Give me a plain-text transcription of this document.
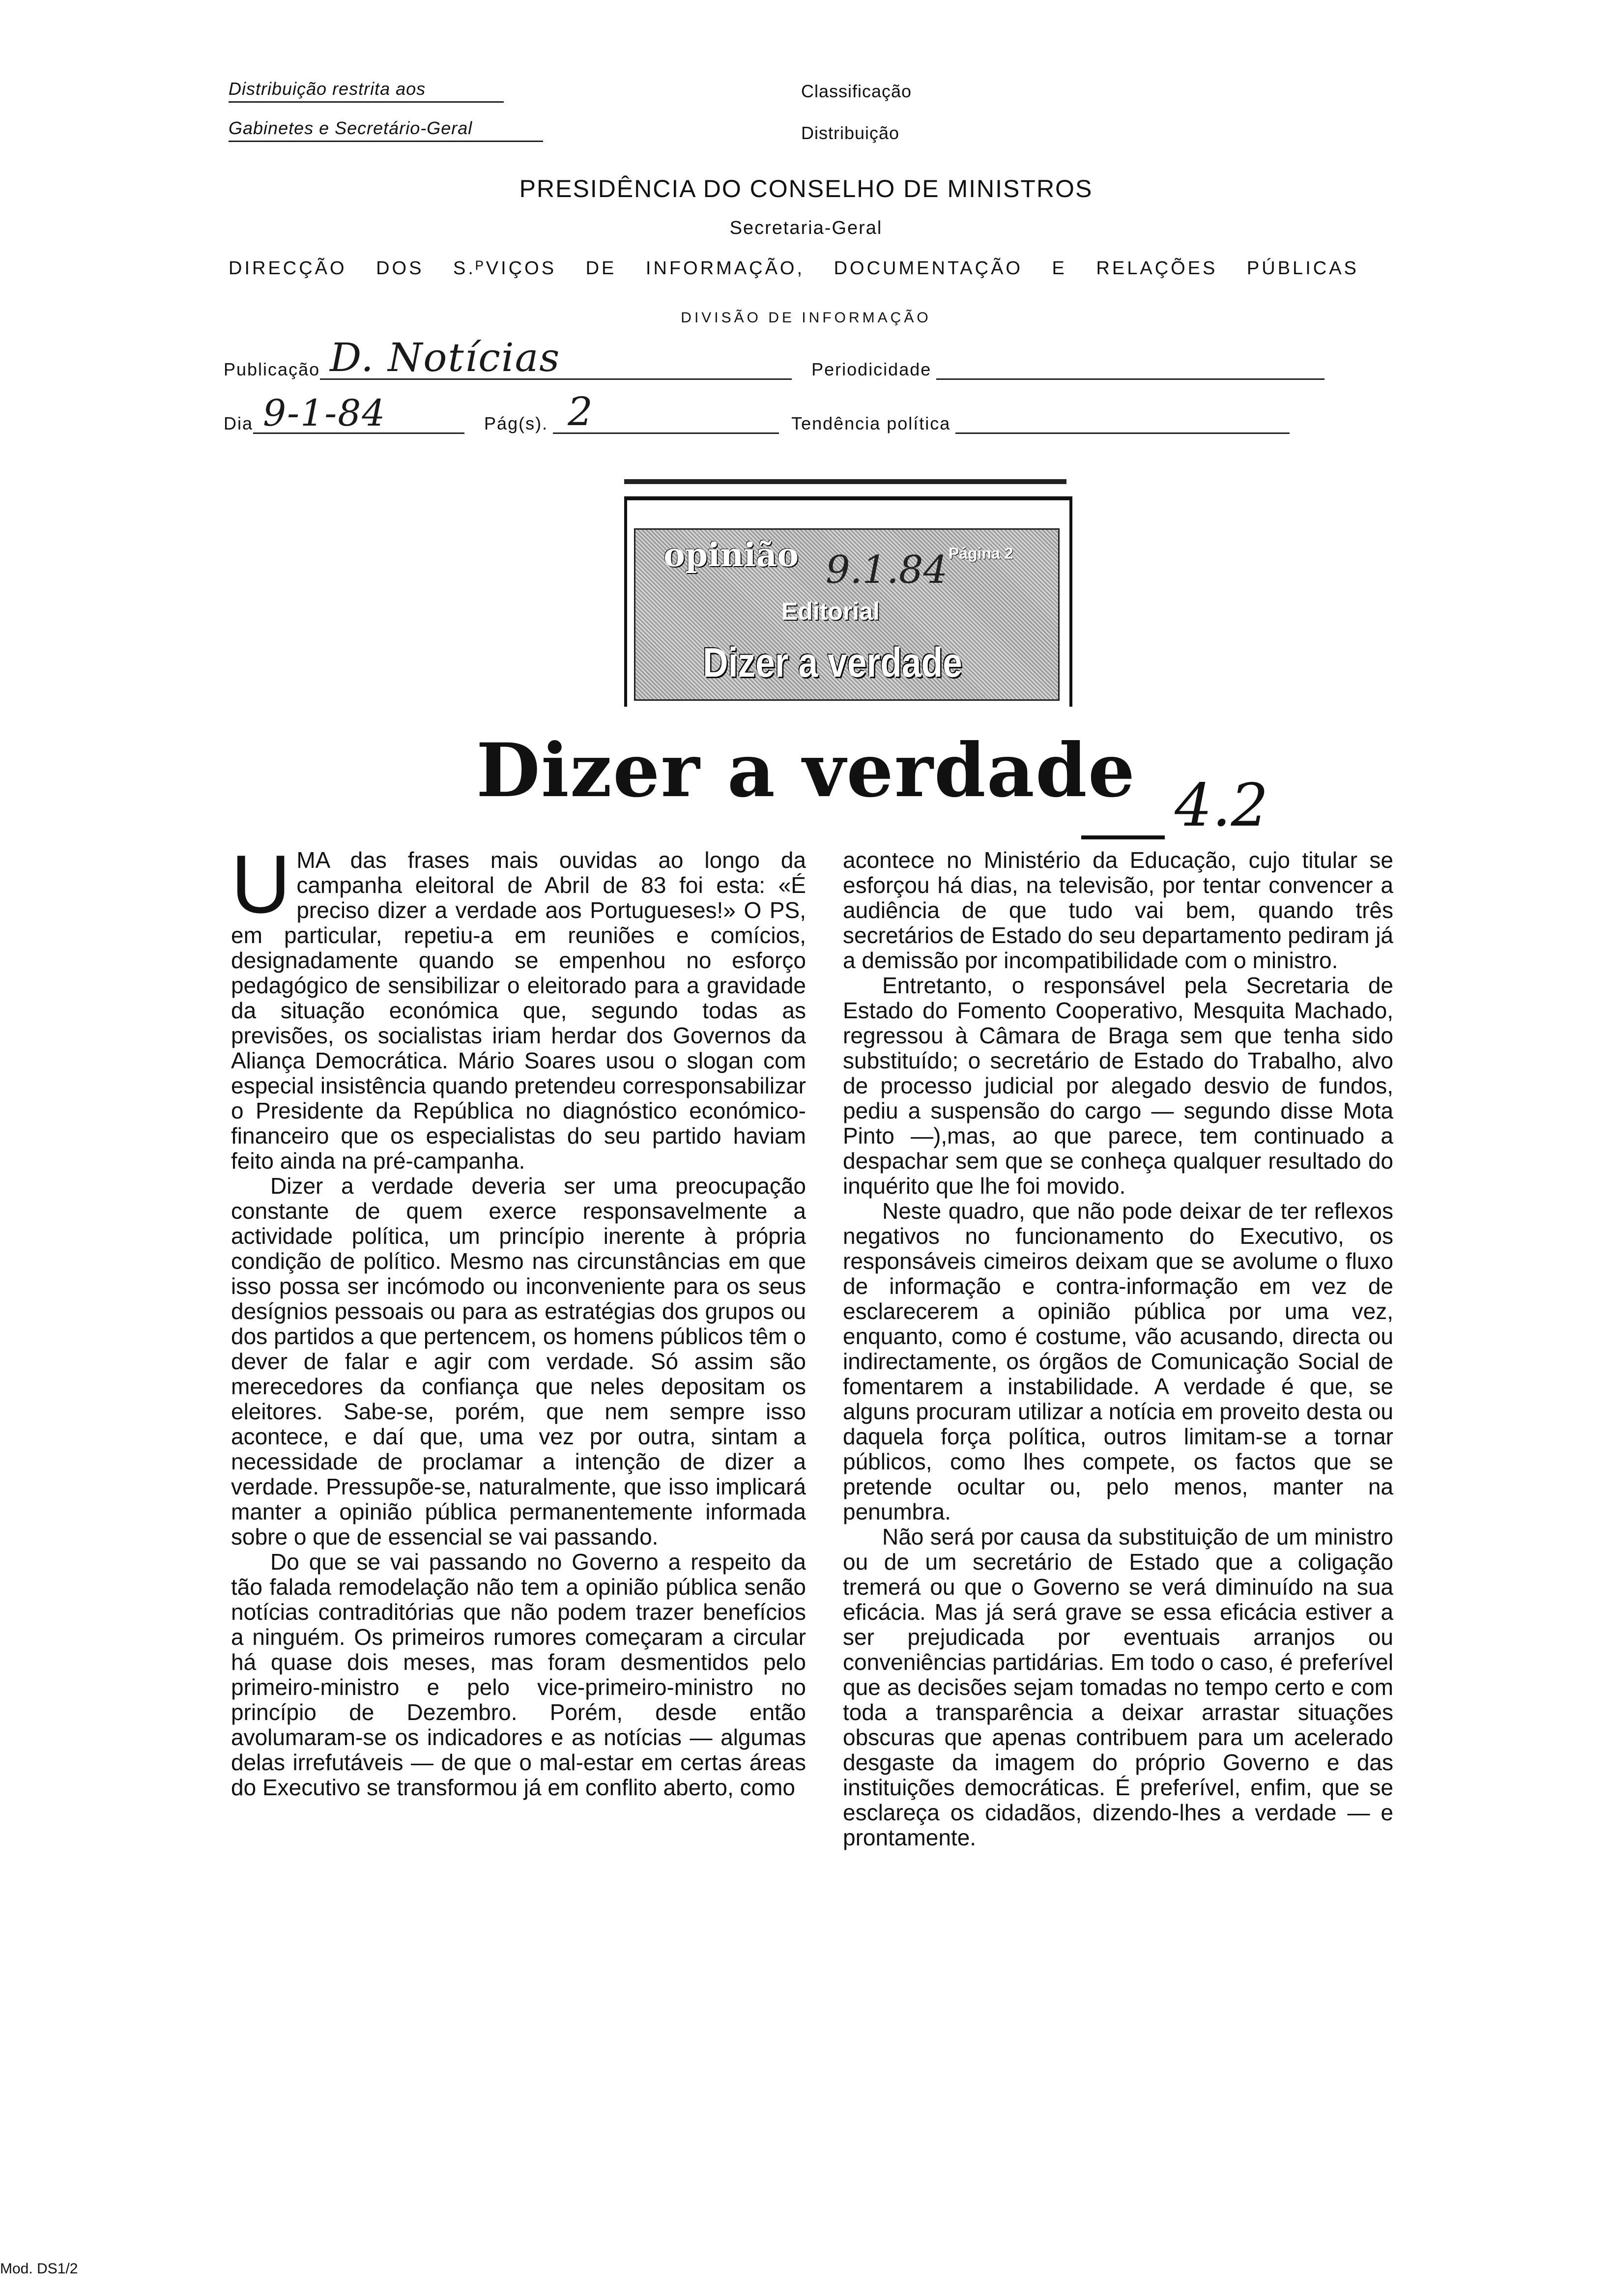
Distribuição restrita aos
Gabinetes e Secretário-Geral
Classificação
Distribuição
PRESIDÊNCIA DO CONSELHO DE MINISTROS
Secretaria-Geral
DIRECÇÃO DOS S.ᴾVIÇOS DE INFORMAÇÃO, DOCUMENTAÇÃO E RELAÇÕES PÚBLICAS
DIVISÃO DE INFORMAÇÃO
Publicação D. Notícias	Periodicidade
Dia 9-1-84	Pág(s). 2	Tendência política
opinião	Página 2
Editorial
Dizer a verdade
9.1.84
Dizer a verdade 4.2

UMA das frases mais ouvidas ao longo da campanha eleitoral de Abril de 83 foi esta: «É preciso dizer a verdade aos Portugueses!» O PS, em particular, repetiu-a em reuniões e comícios, designadamente quando se empenhou no esforço pedagógico de sensibilizar o eleitorado para a gravidade da situação económica que, segundo todas as previsões, os socialistas iriam herdar dos Governos da Aliança Democrática. Mário Soares usou o slogan com especial insistência quando pretendeu corresponsabilizar o Presidente da República no diagnóstico económico-financeiro que os especialistas do seu partido haviam feito ainda na pré-campanha.

Dizer a verdade deveria ser uma preocupação constante de quem exerce responsavelmente a actividade política, um princípio inerente à própria condição de político. Mesmo nas circunstâncias em que isso possa ser incómodo ou inconveniente para os seus desígnios pessoais ou para as estratégias dos grupos ou dos partidos a que pertencem, os homens públicos têm o dever de falar e agir com verdade. Só assim são merecedores da confiança que neles depositam os eleitores. Sabe-se, porém, que nem sempre isso acontece, e daí que, uma vez por outra, sintam a necessidade de proclamar a intenção de dizer a verdade. Pressupõe-se, naturalmente, que isso implicará manter a opinião pública permanentemente informada sobre o que de essencial se vai passando.

Do que se vai passando no Governo a respeito da tão falada remodelação não tem a opinião pública senão notícias contraditórias que não podem trazer benefícios a ninguém. Os primeiros rumores começaram a circular há quase dois meses, mas foram desmentidos pelo primeiro-ministro e pelo vice-primeiro-ministro no princípio de Dezembro. Porém, desde então avolumaram-se os indicadores e as notícias — algumas delas irrefutáveis — de que o mal-estar em certas áreas do Executivo se transformou já em conflito aberto, como

acontece no Ministério da Educação, cujo titular se esforçou há dias, na televisão, por tentar convencer a audiência de que tudo vai bem, quando três secretários de Estado do seu departamento pediram já a demissão por incompatibilidade com o ministro.

Entretanto, o responsável pela Secretaria de Estado do Fomento Cooperativo, Mesquita Machado, regressou à Câmara de Braga sem que tenha sido substituído; o secretário de Estado do Trabalho, alvo de processo judicial por alegado desvio de fundos, pediu a suspensão do cargo — segundo disse Mota Pinto —),mas, ao que parece, tem continuado a despachar sem que se conheça qualquer resultado do inquérito que lhe foi movido.

Neste quadro, que não pode deixar de ter reflexos negativos no funcionamento do Executivo, os responsáveis cimeiros deixam que se avolume o fluxo de informação e contra-informação em vez de esclarecerem a opinião pública por uma vez, enquanto, como é costume, vão acusando, directa ou indirectamente, os órgãos de Comunicação Social de fomentarem a instabilidade. A verdade é que, se alguns procuram utilizar a notícia em proveito desta ou daquela força política, outros limitam-se a tornar públicos, como lhes compete, os factos que se pretende ocultar ou, pelo menos, manter na penumbra.

Não será por causa da substituição de um ministro ou de um secretário de Estado que a coligação tremerá ou que o Governo se verá diminuído na sua eficácia. Mas já será grave se essa eficácia estiver a ser prejudicada por eventuais arranjos ou conveniências partidárias. Em todo o caso, é preferível que as decisões sejam tomadas no tempo certo e com toda a transparência a deixar arrastar situações obscuras que apenas contribuem para um acelerado desgaste da imagem do próprio Governo e das instituições democráticas. É preferível, enfim, que se esclareça os cidadãos, dizendo-lhes a verdade — e prontamente.

Mod. DS1/2
